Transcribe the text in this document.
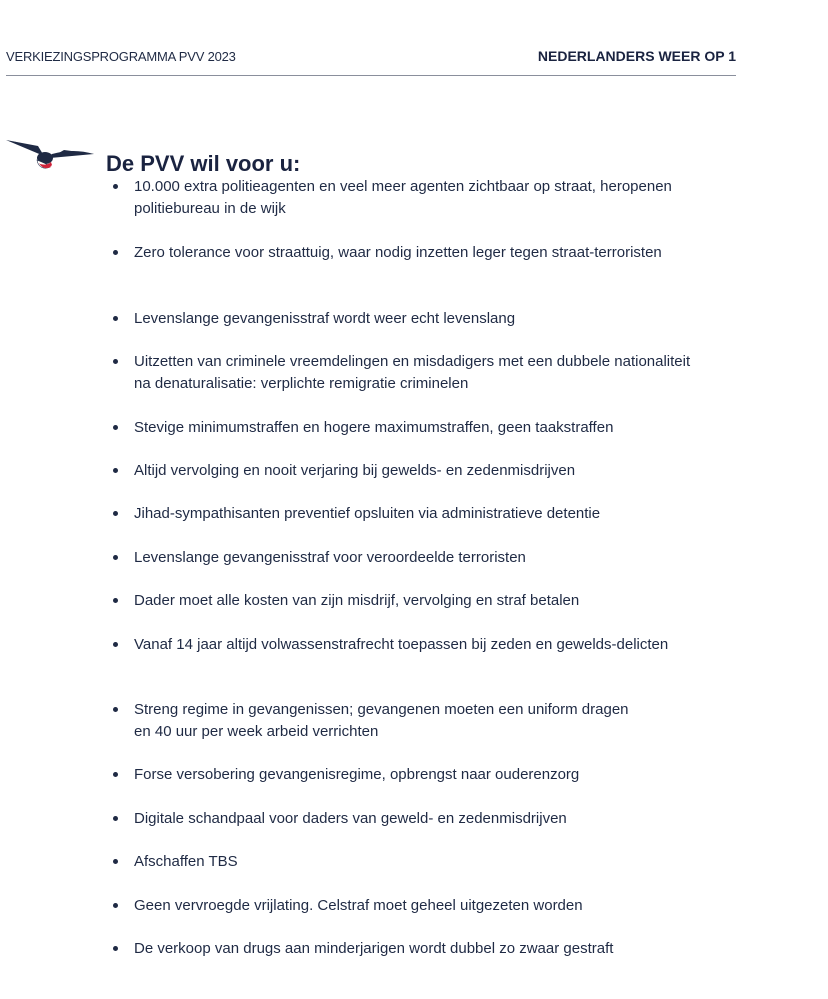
VERKIEZINGSPROGRAMMA PVV 2023	NEDERLANDERS WEER OP 1
De PVV wil voor u:
10.000 extra politieagenten en veel meer agenten zichtbaar op straat, heropenen politiebureau in de wijk
Zero tolerance voor straattuig, waar nodig inzetten leger tegen straat-terroristen
Levenslange gevangenisstraf wordt weer echt levenslang
Uitzetten van criminele vreemdelingen en misdadigers met een dubbele nationaliteit na denaturalisatie: verplichte remigratie criminelen
Stevige minimumstraffen en hogere maximumstraffen, geen taakstraffen
Altijd vervolging en nooit verjaring bij gewelds- en zedenmisdrijven
Jihad-sympathisanten preventief opsluiten via administratieve detentie
Levenslange gevangenisstraf voor veroordeelde terroristen
Dader moet alle kosten van zijn misdrijf, vervolging en straf betalen
Vanaf 14 jaar altijd volwassenstrafrecht toepassen bij zeden en gewelds-delicten
Streng regime in gevangenissen; gevangenen moeten een uniform dragen en 40 uur per week arbeid verrichten
Forse versobering gevangenisregime, opbrengst naar ouderenzorg
Digitale schandpaal voor daders van geweld- en zedenmisdrijven
Afschaffen TBS
Geen vervroegde vrijlating. Celstraf moet geheel uitgezeten worden
De verkoop van drugs aan minderjarigen wordt dubbel zo zwaar gestraft
